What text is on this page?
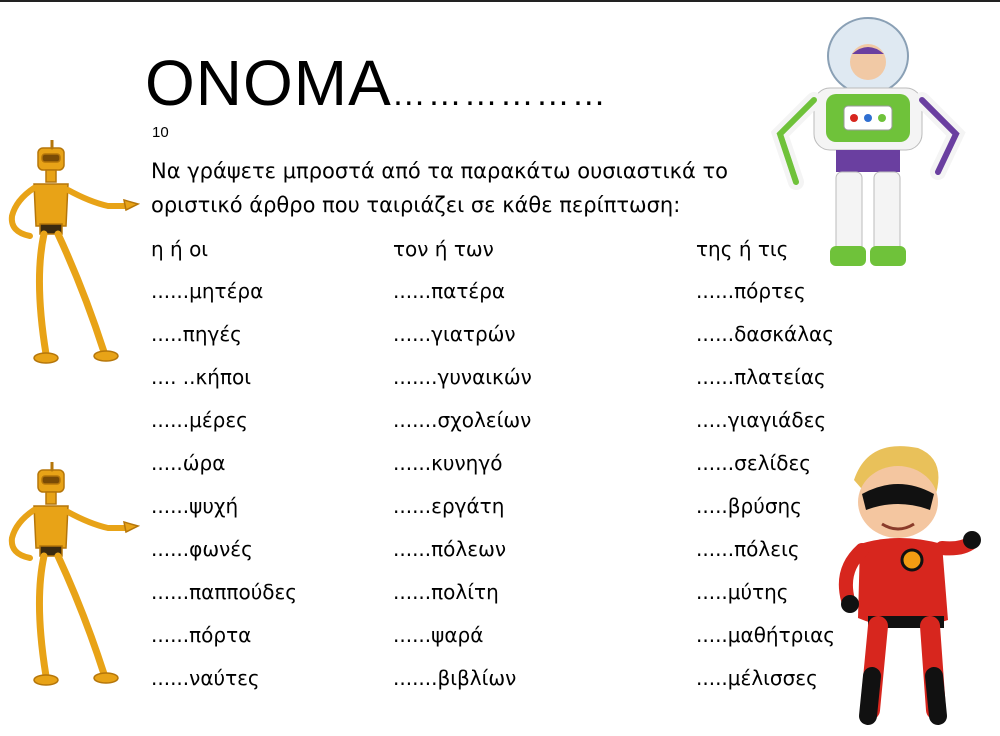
ΟΝΟΜΑ………………
10
Να γράψετε μπροστά από τα παρακάτω ουσιαστικά το
οριστικό άρθρο που ταιριάζει σε κάθε περίπτωση:
η ή οι
......μητέρα
.....πηγές
.... ..κήποι
......μέρες
.....ώρα
......ψυχή
......φωνές
......παππούδες
......πόρτα
......ναύτες
τον ή των
......πατέρα
......γιατρών
.......γυναικών
.......σχολείων
......κυνηγό
......εργάτη
......πόλεων
......πολίτη
......ψαρά
.......βιβλίων
της ή τις
......πόρτες
......δασκάλας
......πλατείας
.....γιαγιάδες
......σελίδες
.....βρύσης
......πόλεις
.....μύτης
.....μαθήτριας
.....μέλισσες
